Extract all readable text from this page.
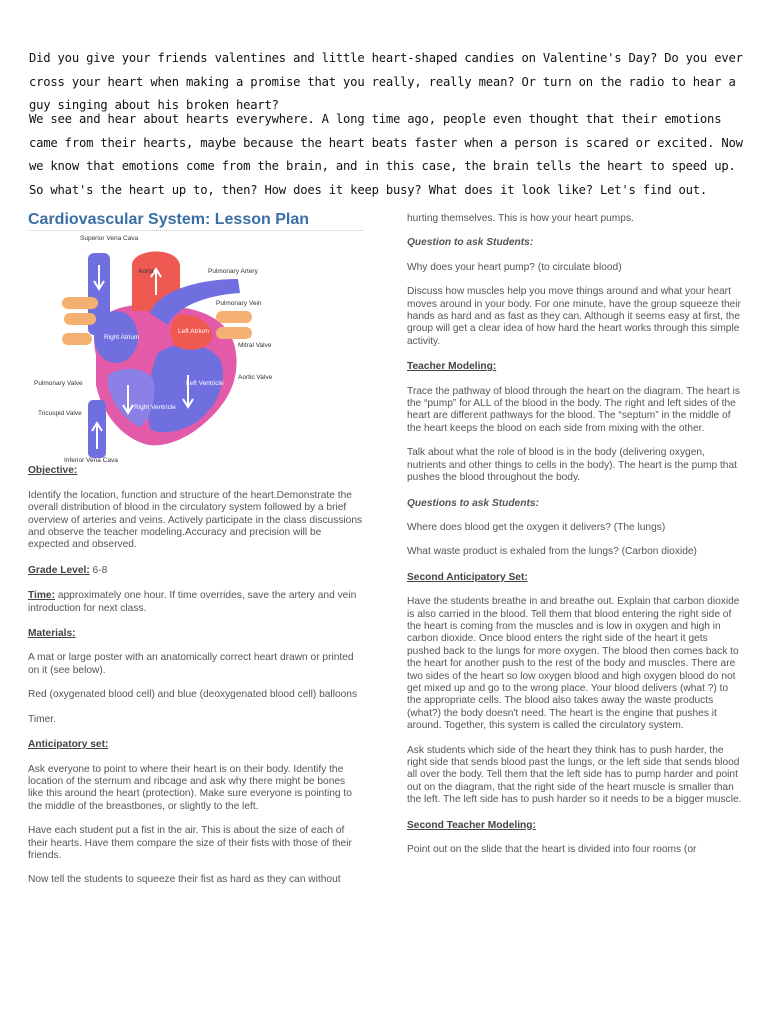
Did you give your friends valentines and little heart-shaped candies on Valentine's Day? Do you ever cross your heart when making a promise that you really, really mean? Or turn on the radio to hear a guy singing about his broken heart?

We see and hear about hearts everywhere. A long time ago, people even thought that their emotions came from their hearts, maybe because the heart beats faster when a person is scared or excited. Now we know that emotions come from the brain, and in this case, the brain tells the heart to speed up. So what's the heart up to, then? How does it keep busy? What does it look like? Let's find out.

Cardiovascular System: Lesson Plan
Superior Vena Cava
Aorta	Pulmonary Artery
Pulmonary Vein
Left Atrium
Right Atrium
Mitral Valve
Aortic Valve
Pulmonary Valve	Left Ventricle
Right Ventricle
Tricuspid Valve
Inferior Vena Cava
Objective:
Identify the location, function and structure of the heart.Demonstrate the overall distribution of blood in the circulatory system followed by a brief overview of arteries and veins. Actively participate in the class discussions and observe the teacher modeling.Accuracy and precision will be expected and observed.
Grade Level: 6-8
Time: approximately one hour. If time overrides, save the artery and vein introduction for next class.
Materials:
A mat or large poster with an anatomically correct heart drawn or printed on it (see below).
Red (oxygenated blood cell) and blue (deoxygenated blood cell) balloons
Timer.
Anticipatory set:
Ask everyone to point to where their heart is on their body. Identify the location of the sternum and ribcage and ask why there might be bones like this around the heart (protection). Make sure everyone is pointing to the middle of the breastbones, or slightly to the left.
Have each student put a fist in the air. This is about the size of each of their hearts. Have them compare the size of their fists with those of their friends.
Now tell the students to squeeze their fist as hard as they can without
hurting themselves. This is how your heart pumps.
Question to ask Students:
Why does your heart pump? (to circulate blood)
Discuss how muscles help you move things around and what your heart moves around in your body. For one minute, have the group squeeze their hands as hard and as fast as they can. Although it seems easy at first, the group will get a clear idea of how hard the heart works through this simple activity.
Teacher Modeling:
Trace the pathway of blood through the heart on the diagram. The heart is the “pump” for ALL of the blood in the body. The right and left sides of the heart are different pathways for the blood. The “septum” in the middle of the heart keeps the blood on each side from mixing with the other.
Talk about what the role of blood is in the body (delivering oxygen, nutrients and other things to cells in the body). The heart is the pump that pushes the blood throughout the body.
Questions to ask Students:
Where does blood get the oxygen it delivers? (The lungs)
What waste product is exhaled from the lungs? (Carbon dioxide)
Second Anticipatory Set:
Have the students breathe in and breathe out. Explain that carbon dioxide is also carried in the blood. Tell them that blood entering the right side of the heart is coming from the muscles and is low in oxygen and high in carbon dioxide. Once blood enters the right side of the heart it gets pushed back to the lungs for more oxygen. The blood then comes back to the heart for another push to the rest of the body and muscles. There are two sides of the heart so low oxygen blood and high oxygen blood do not get mixed up and go to the wrong place. Your blood delivers (what ?) to the appropriate cells. The blood also takes away the waste products (what?) the body doesn't need. The heart is the engine that pushes it around. Together, this system is called the circulatory system.
Ask students which side of the heart they think has to push harder, the right side that sends blood past the lungs, or the left side that sends blood all over the body. Tell them that the left side has to pump harder and point out on the diagram, that the right side of the heart muscle is smaller than the left. The left side has to push harder so it needs to be a bigger muscle.
Second Teacher Modeling:
Point out on the slide that the heart is divided into four rooms (or
